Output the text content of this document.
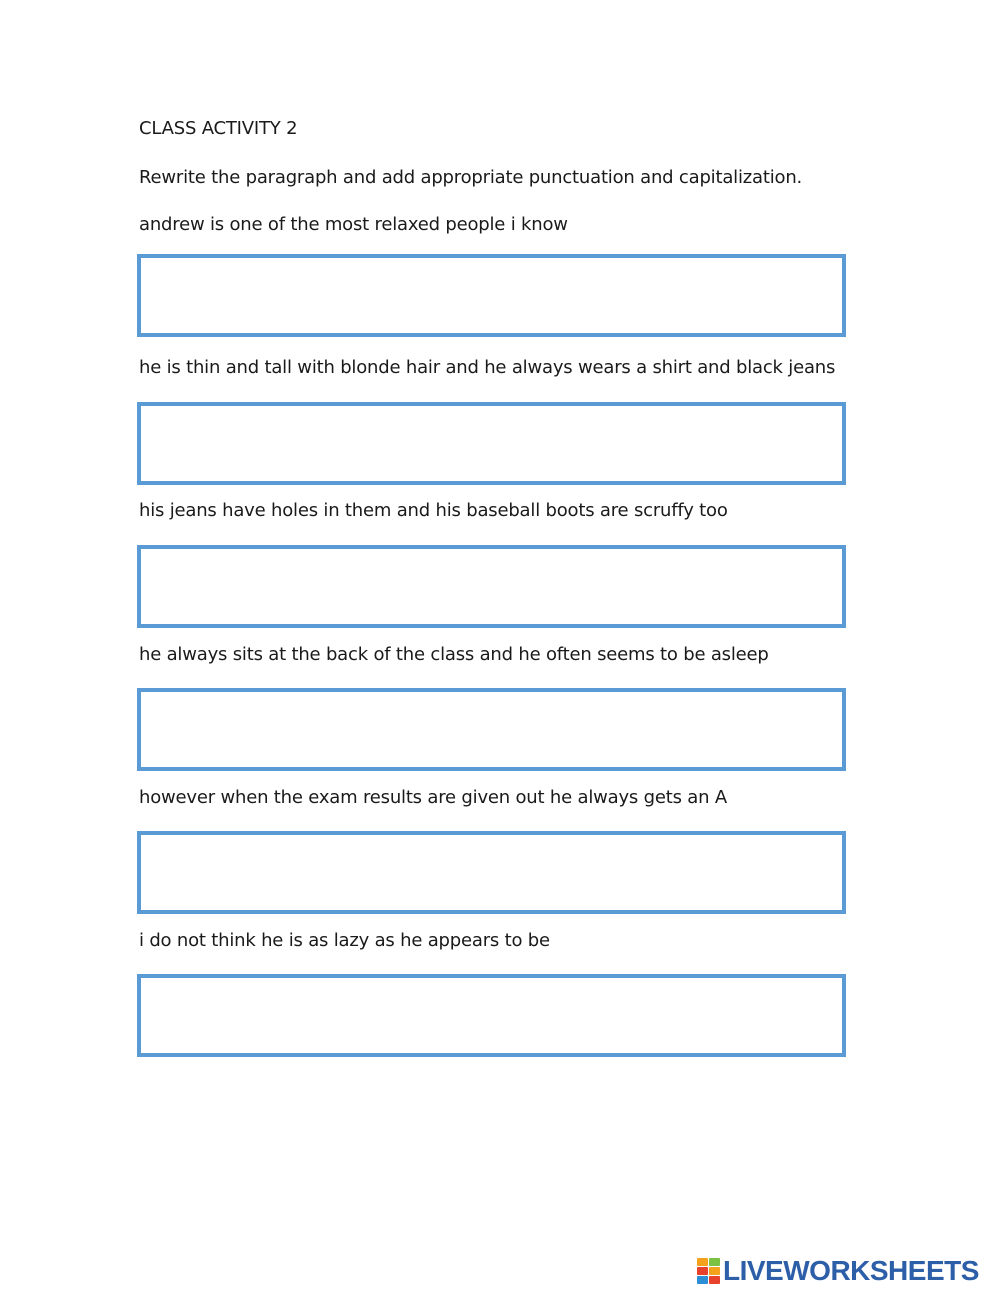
CLASS ACTIVITY 2
Rewrite the paragraph and add appropriate punctuation and capitalization.
andrew is one of the most relaxed people i know
he is thin and tall with blonde hair and he always wears a shirt and black jeans
his jeans have holes in them and his baseball boots are scruffy too
he always sits at the back of the class and he often seems to be asleep
however when the exam results are given out he always gets an A
i do not think he is as lazy as he appears to be
LIVEWORKSHEETS
